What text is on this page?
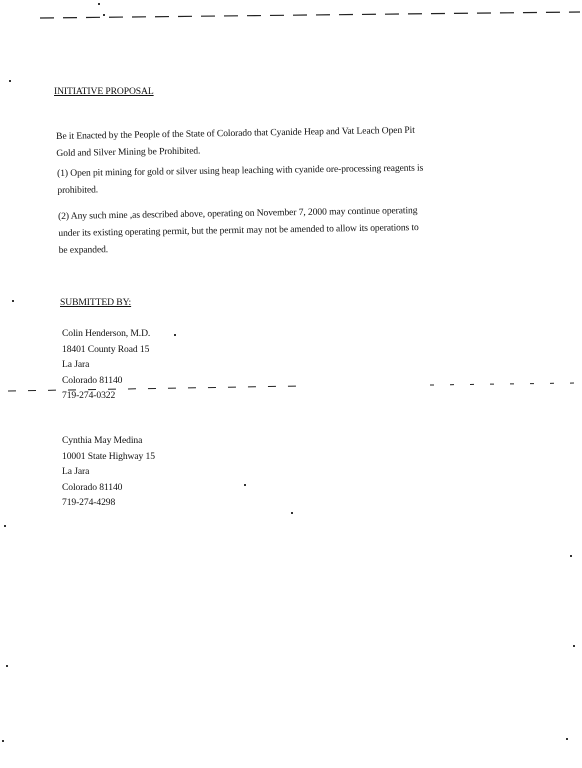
INITIATIVE PROPOSAL
Be it Enacted by the People of the State of Colorado that Cyanide Heap and Vat Leach Open Pit
Gold and Silver Mining be Prohibited.
(1) Open pit mining for gold or silver using heap leaching with cyanide ore-processing reagents is
prohibited.
(2) Any such mine ,as described above, operating on November 7, 2000 may continue operating
under its existing operating permit, but the permit may not be amended to allow its operations to
be expanded.
SUBMITTED BY:
Colin Henderson, M.D.
18401 County Road 15
La Jara
Colorado 81140
719-274-0322
Cynthia May Medina
10001 State Highway 15
La Jara
Colorado 81140
719-274-4298
